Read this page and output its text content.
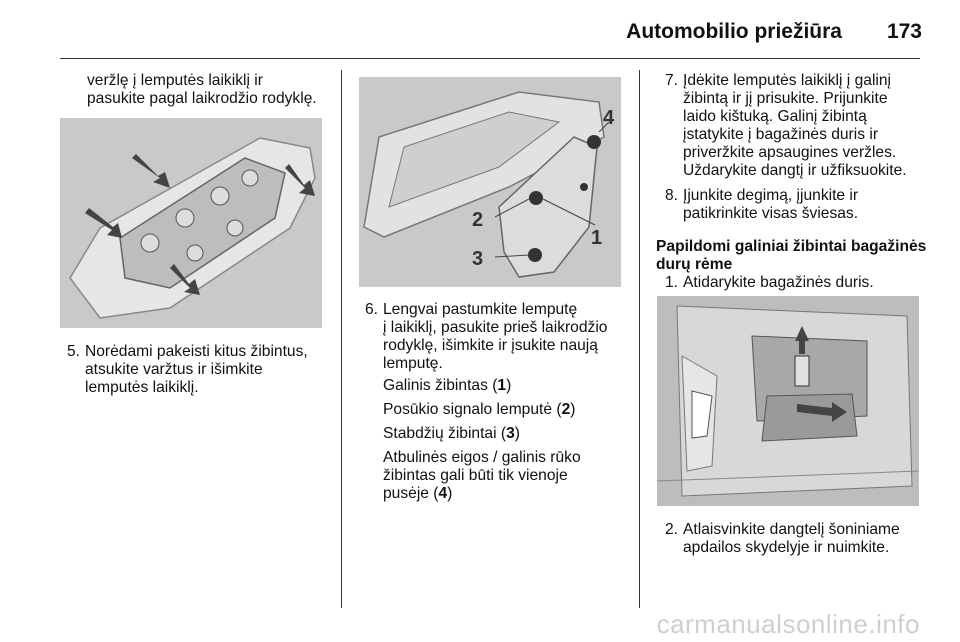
Automobilio priežiūra 173
veržlę į lemputės laikiklį ir
pasukite pagal laikrodžio rodyklę.
5. Norėdami pakeisti kitus žibintus,
atsukite varžtus ir išimkite
lemputės laikiklį.
4
2
1
3
6. Lengvai pastumkite lemputę
į laikiklį, pasukite prieš laikrodžio
rodyklę, išimkite ir įsukite naują
lemputę.
Galinis žibintas (1)
Posūkio signalo lemputė (2)
Stabdžių žibintai (3)
Atbulinės eigos / galinis rūko
žibintas gali būti tik vienoje
pusėje (4)
7. Įdėkite lemputės laikiklį į galinį
žibintą ir jį prisukite. Prijunkite
laido kištuką. Galinį žibintą
įstatykite į bagažinės duris ir
priveržkite apsaugines veržles.
Uždarykite dangtį ir užfiksuokite.
8. Įjunkite degimą, įjunkite ir
patikrinkite visas šviesas.
Papildomi galiniai žibintai bagažinės
durų rėme
1. Atidarykite bagažinės duris.
2. Atlaisvinkite dangtelį šoniniame
apdailos skydelyje ir nuimkite.
carmanualsonline.info
